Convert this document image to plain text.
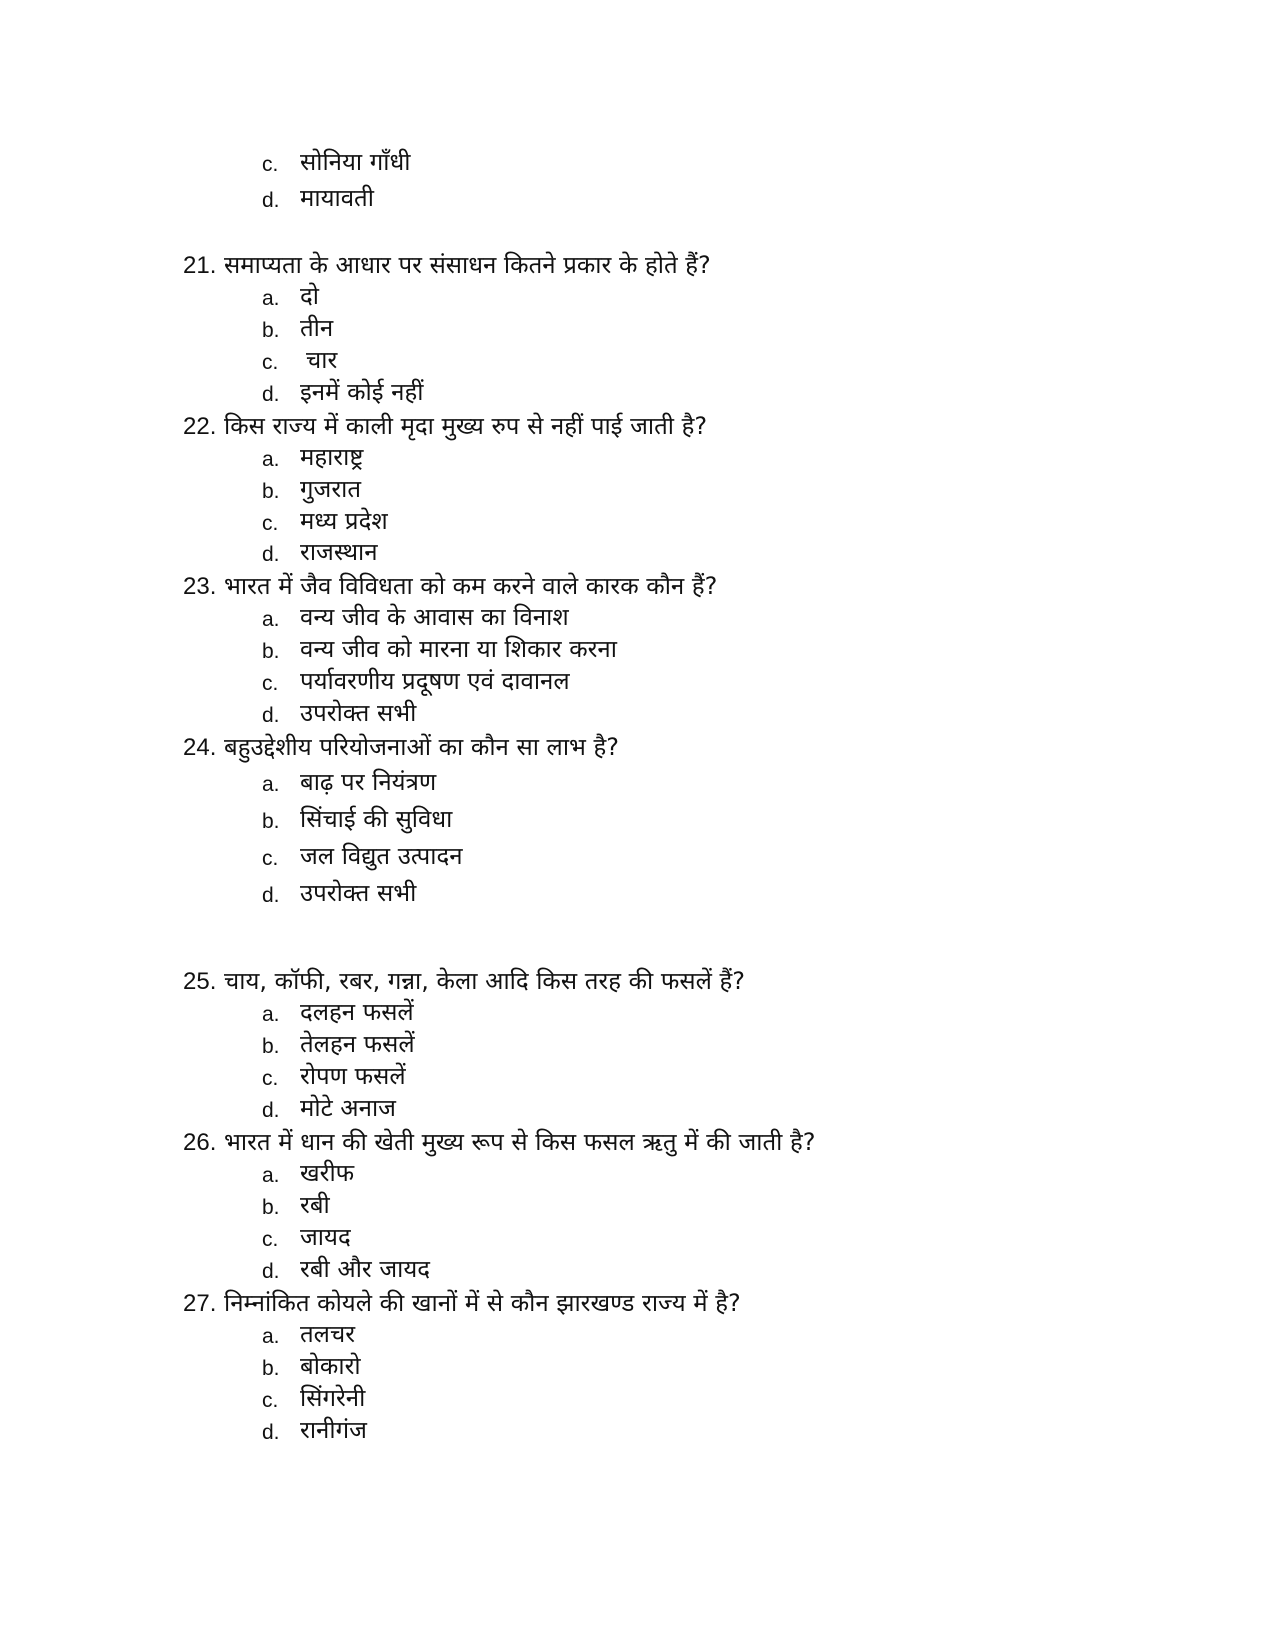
c. सोनिया गाँधी
d. मायावती
21. समाप्यता के आधार पर संसाधन कितने प्रकार के होते हैं?
a. दो
b. तीन
c. चार
d. इनमें कोई नहीं
22. किस राज्य में काली मृदा मुख्य रुप से नहीं पाई जाती है?
a. महाराष्ट्र
b. गुजरात
c. मध्य प्रदेश
d. राजस्थान
23. भारत में जैव विविधता को कम करने वाले कारक कौन हैं?
a. वन्य जीव के आवास का विनाश
b. वन्य जीव को मारना या शिकार करना
c. पर्यावरणीय प्रदूषण एवं दावानल
d. उपरोक्त सभी
24. बहुउद्देशीय परियोजनाओं का कौन सा लाभ है?
a. बाढ़ पर नियंत्रण
b. सिंचाई की सुविधा
c. जल विद्युत उत्पादन
d. उपरोक्त सभी
25. चाय, कॉफी, रबर, गन्ना, केला आदि किस तरह की फसलें हैं?
a. दलहन फसलें
b. तेलहन फसलें
c. रोपण फसलें
d. मोटे अनाज
26. भारत में धान की खेती मुख्य रूप से किस फसल ऋतु में की जाती है?
a. खरीफ
b. रबी
c. जायद
d. रबी और जायद
27. निम्नांकित कोयले की खानों में से कौन झारखण्ड राज्य में है?
a. तलचर
b. बोकारो
c. सिंगरेनी
d. रानीगंज
